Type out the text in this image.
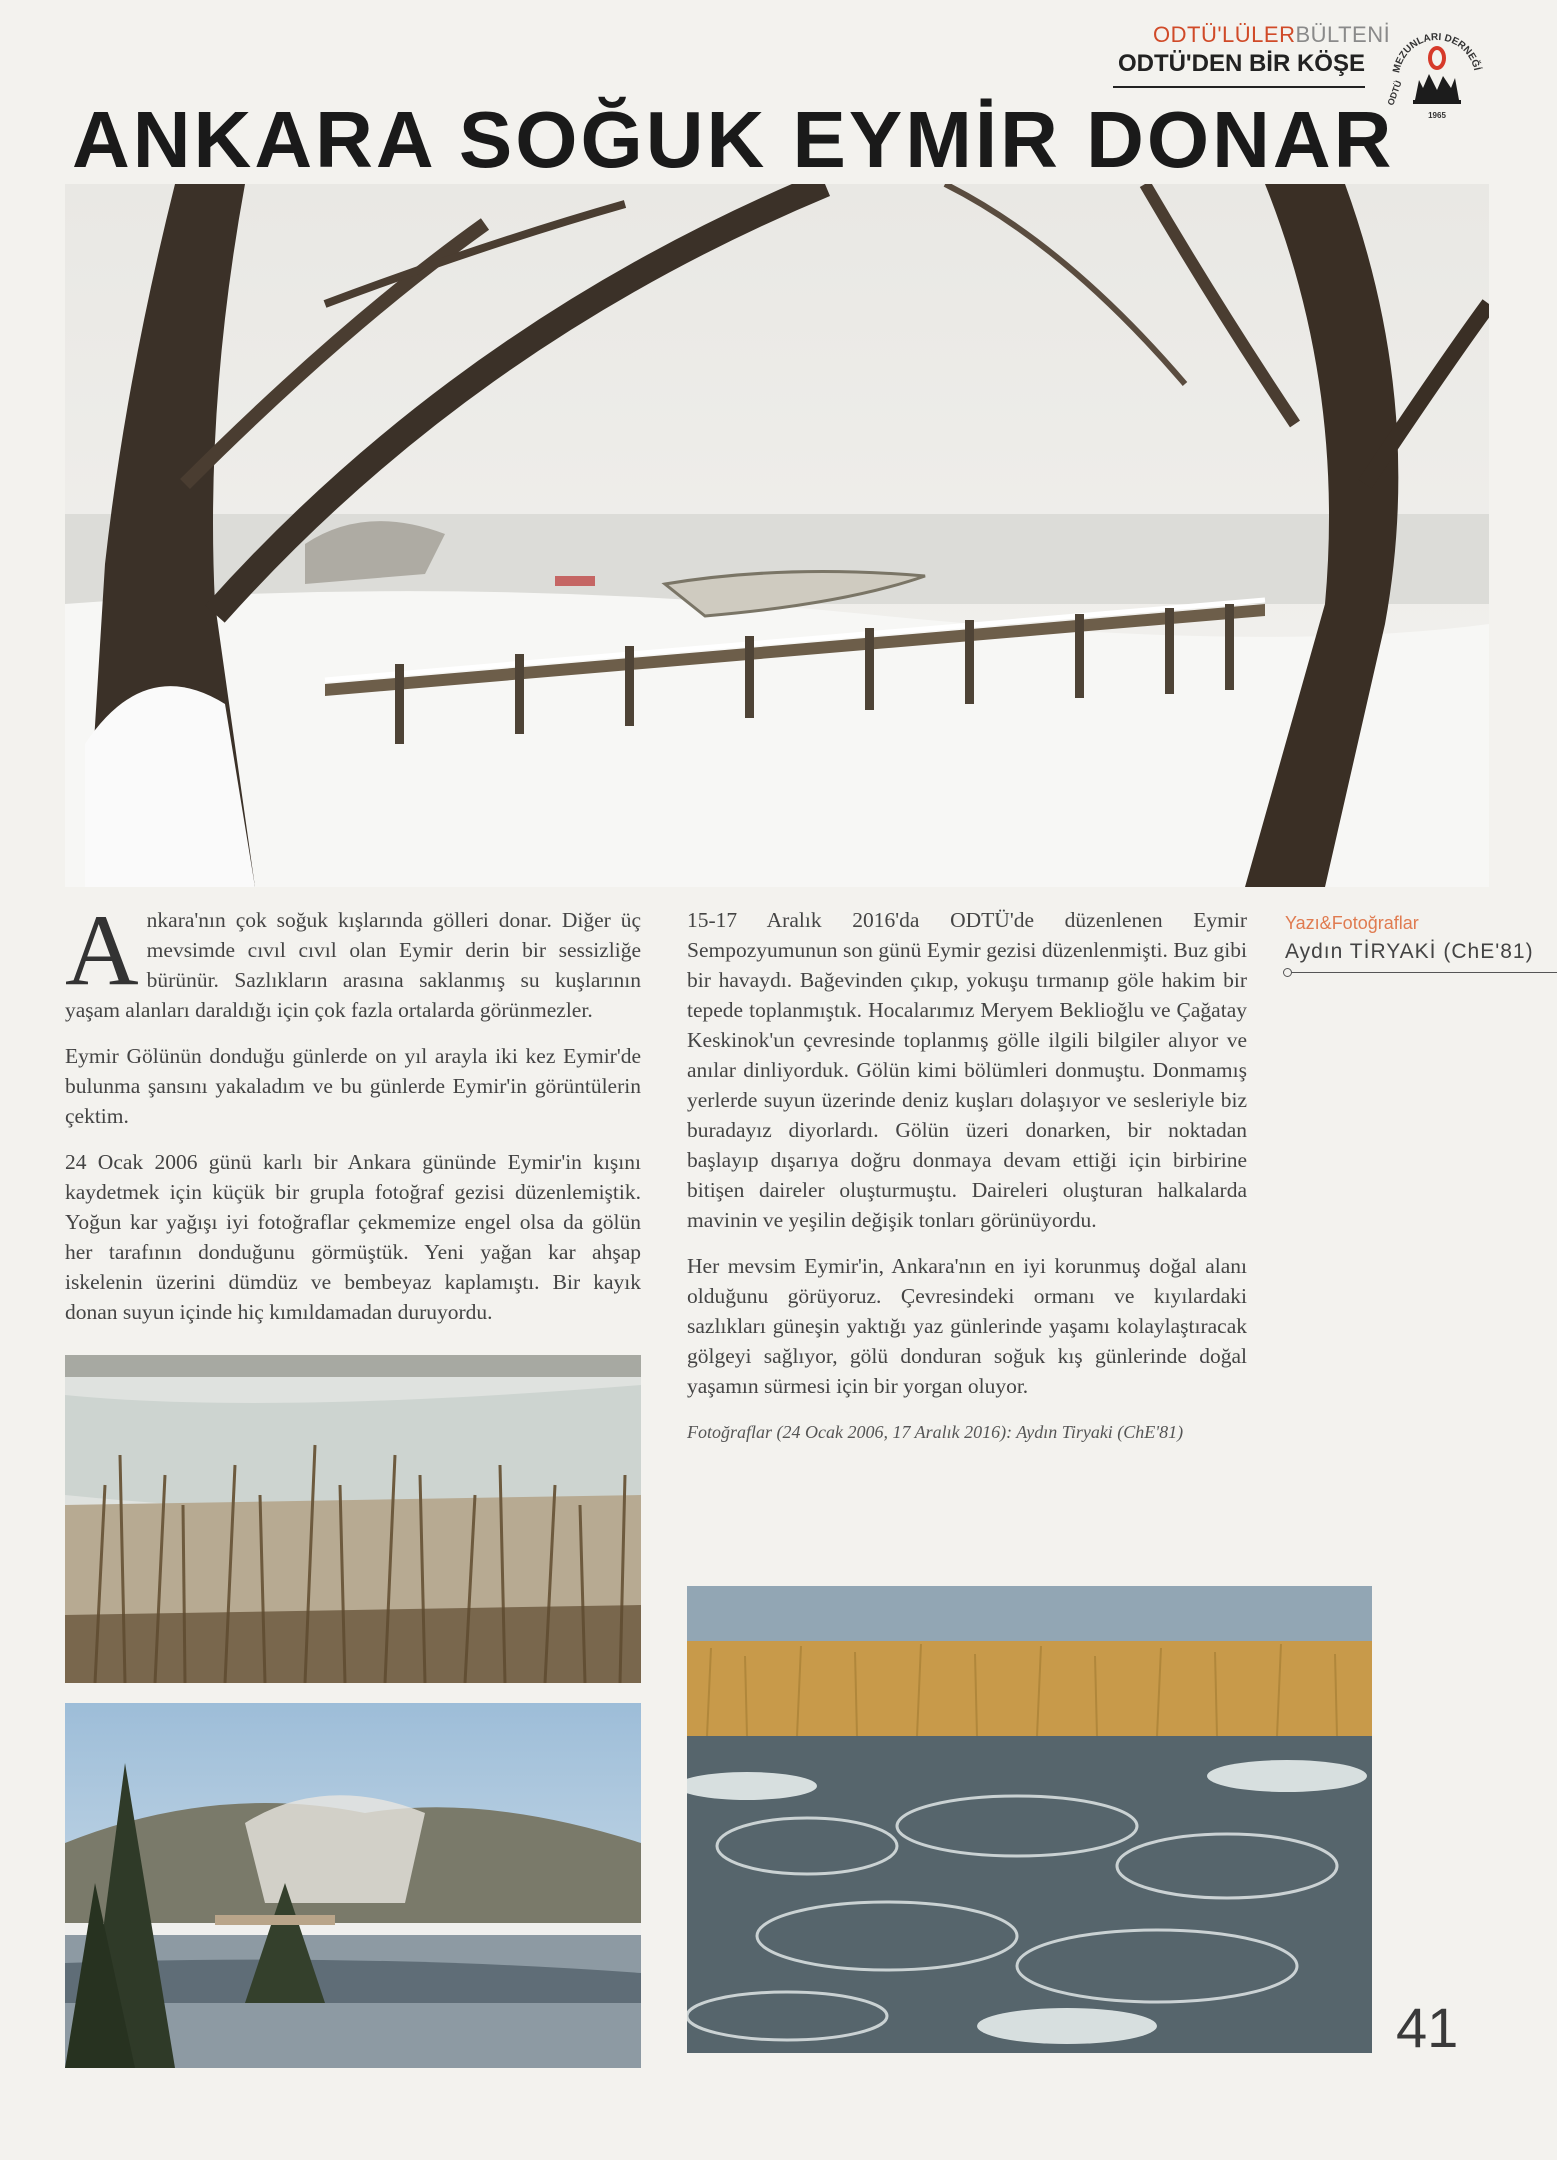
ODTÜ'LÜLERBÜLTENİ
ODTÜ'DEN BİR KÖŞE	MEZUNLARI DERNEĞİ
ODTÜ
1965
ANKARA SOĞUK EYMİR DONAR

Ankara'nın çok soğuk kışlarında gölleri donar. Diğer üç mevsimde cıvıl cıvıl olan Eymir derin bir sessizliğe bürünür. Sazlıkların arasına saklanmış su kuşlarının yaşam alanları daraldığı için çok fazla ortalarda görünmezler.

Eymir Gölünün donduğu günlerde on yıl arayla iki kez Eymir'de bulunma şansını yakaladım ve bu günlerde Eymir'in görüntülerin çektim.

24 Ocak 2006 günü karlı bir Ankara gününde Eymir'in kışını kaydetmek için küçük bir grupla fotoğraf gezisi düzenlemiştik. Yoğun kar yağışı iyi fotoğraflar çekmemize engel olsa da gölün her tarafının donduğunu görmüştük. Yeni yağan kar ahşap iskelenin üzerini dümdüz ve bembeyaz kaplamıştı. Bir kayık donan suyun içinde hiç kımıldamadan duruyordu.

15-17 Aralık 2016'da ODTÜ'de düzenlenen Eymir Sempozyumunun son günü Eymir gezisi düzenlenmişti. Buz gibi bir havaydı. Bağevinden çıkıp, yokuşu tırmanıp göle hakim bir tepede toplanmıştık. Hocalarımız Meryem Beklioğlu ve Çağatay Keskinok'un çevresinde toplanmış gölle ilgili bilgiler alıyor ve anılar dinliyorduk. Gölün kimi bölümleri donmuştu. Donmamış yerlerde suyun üzerinde deniz kuşları dolaşıyor ve sesleriyle biz buradayız diyorlardı. Gölün üzeri donarken, bir noktadan başlayıp dışarıya doğru donmaya devam ettiği için birbirine bitişen daireler oluşturmuştu. Daireleri oluşturan halkalarda mavinin ve yeşilin değişik tonları görünüyordu.

Her mevsim Eymir'in, Ankara'nın en iyi korunmuş doğal alanı olduğunu görüyoruz. Çevresindeki ormanı ve kıyılardaki sazlıkları güneşin yaktığı yaz günlerinde yaşamı kolaylaştıracak gölgeyi sağlıyor, gölü donduran soğuk kış günlerinde doğal yaşamın sürmesi için bir yorgan oluyor.

Fotoğraflar (24 Ocak 2006, 17 Aralık 2016): Aydın Tiryaki (ChE'81)
Yazı&Fotoğraflar
Aydın TİRYAKİ (ChE'81)
41
